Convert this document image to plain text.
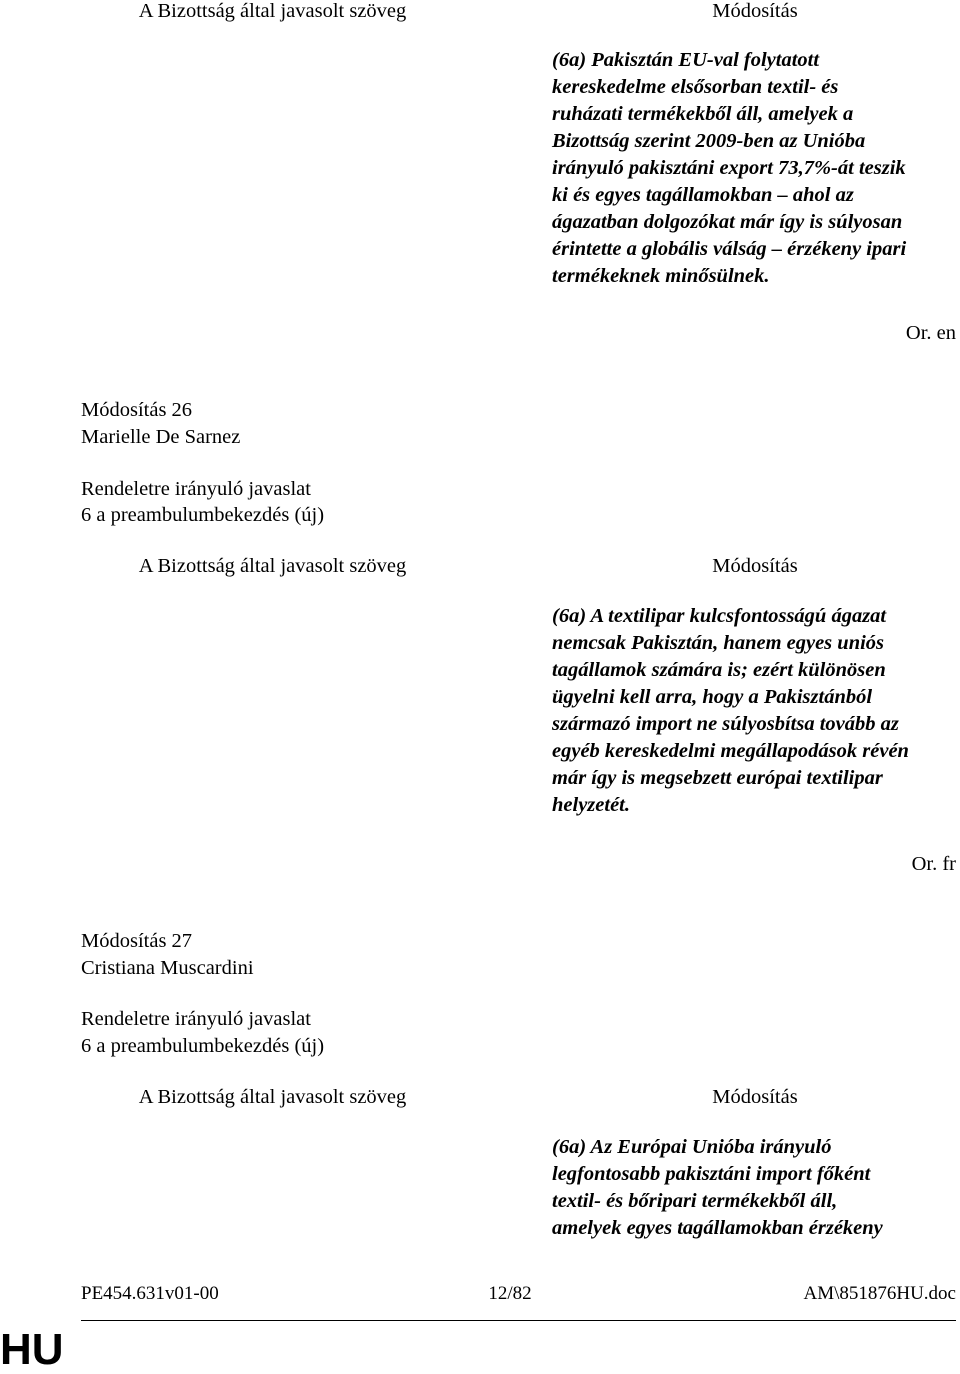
A Bizottság által javasolt szöveg	Módosítás
(6a) Pakisztán EU-val folytatott
kereskedelme elsősorban textil- és
ruházati termékekből áll, amelyek a
Bizottság szerint 2009-ben az Unióba
irányuló pakisztáni export 73,7%-át teszik
ki és egyes tagállamokban – ahol az
ágazatban dolgozókat már így is súlyosan
érintette a globális válság – érzékeny ipari
termékeknek minősülnek.
Or. en
Módosítás 26
Marielle De Sarnez
Rendeletre irányuló javaslat
6 a preambulumbekezdés (új)
A Bizottság által javasolt szöveg	Módosítás
(6a) A textilipar kulcsfontosságú ágazat
nemcsak Pakisztán, hanem egyes uniós
tagállamok számára is; ezért különösen
ügyelni kell arra, hogy a Pakisztánból
származó import ne súlyosbítsa tovább az
egyéb kereskedelmi megállapodások révén
már így is megsebzett európai textilipar
helyzetét.
Or. fr
Módosítás 27
Cristiana Muscardini
Rendeletre irányuló javaslat
6 a preambulumbekezdés (új)
A Bizottság által javasolt szöveg	Módosítás
(6a) Az Európai Unióba irányuló
legfontosabb pakisztáni import főként
textil- és bőripari termékekből áll,
amelyek egyes tagállamokban érzékeny
PE454.631v01-00	12/82	AM\851876HU.doc
HU
